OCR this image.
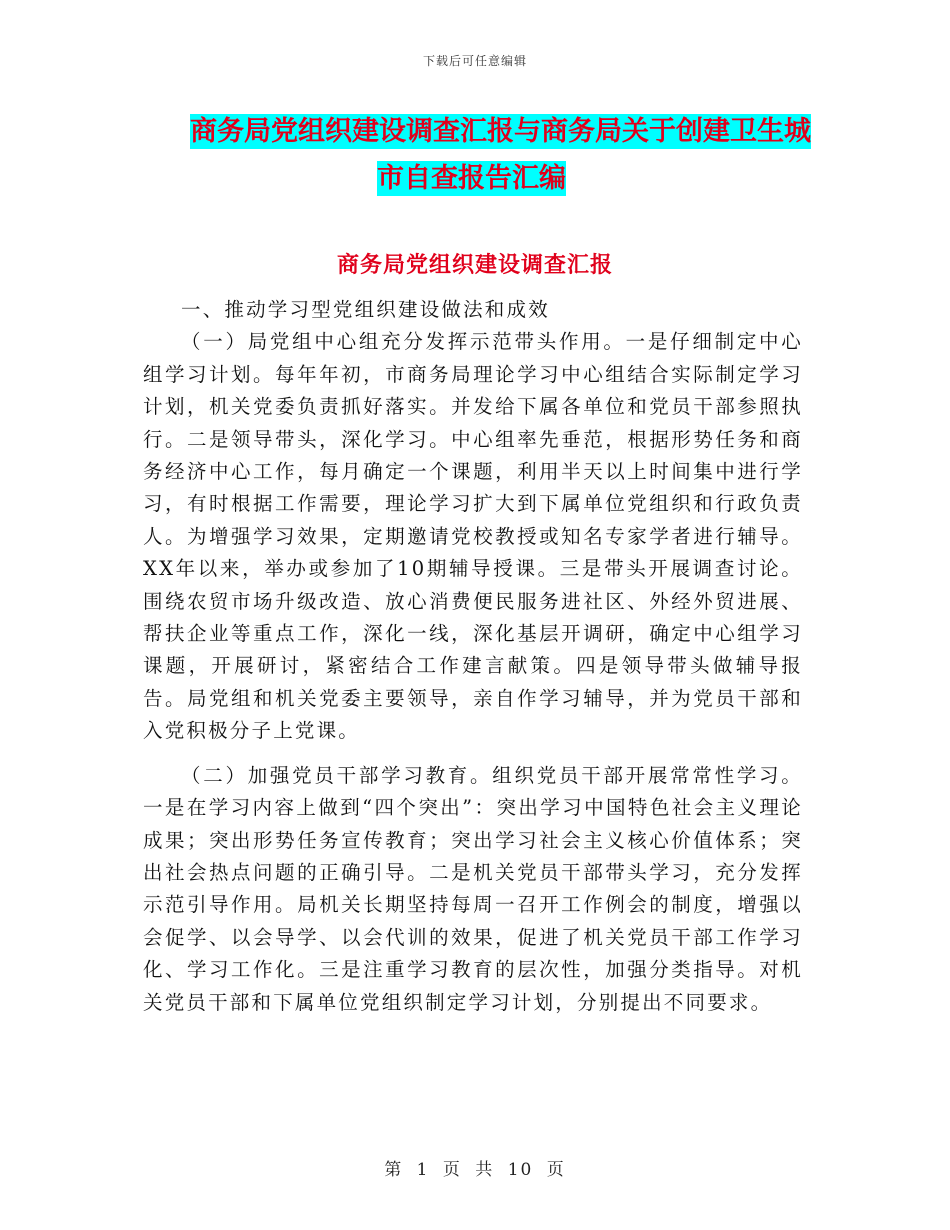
下载后可任意编辑
商务局党组织建设调查汇报与商务局关于创建卫生城
市自查报告汇编
商务局党组织建设调查汇报

一、推动学习型党组织建设做法和成效

（一）局党组中心组充分发挥示范带头作用。一是仔细制定中心组学习计划。每年年初，市商务局理论学习中心组结合实际制定学习计划，机关党委负责抓好落实。并发给下属各单位和党员干部参照执行。二是领导带头，深化学习。中心组率先垂范，根据形势任务和商务经济中心工作，每月确定一个课题，利用半天以上时间集中进行学习，有时根据工作需要，理论学习扩大到下属单位党组织和行政负责人。为增强学习效果，定期邀请党校教授或知名专家学者进行辅导。XX年以来，举办或参加了10期辅导授课。三是带头开展调查讨论。围绕农贸市场升级改造、放心消费便民服务进社区、外经外贸进展、帮扶企业等重点工作，深化一线，深化基层开调研，确定中心组学习课题，开展研讨，紧密结合工作建言献策。四是领导带头做辅导报告。局党组和机关党委主要领导，亲自作学习辅导，并为党员干部和入党积极分子上党课。

（二）加强党员干部学习教育。组织党员干部开展常常性学习。一是在学习内容上做到“四个突出”：突出学习中国特色社会主义理论成果；突出形势任务宣传教育；突出学习社会主义核心价值体系；突出社会热点问题的正确引导。二是机关党员干部带头学习，充分发挥示范引导作用。局机关长期坚持每周一召开工作例会的制度，增强以会促学、以会导学、以会代训的效果，促进了机关党员干部工作学习化、学习工作化。三是注重学习教育的层次性，加强分类指导。对机关党员干部和下属单位党组织制定学习计划，分别提出不同要求。

第 1 页 共 10 页
